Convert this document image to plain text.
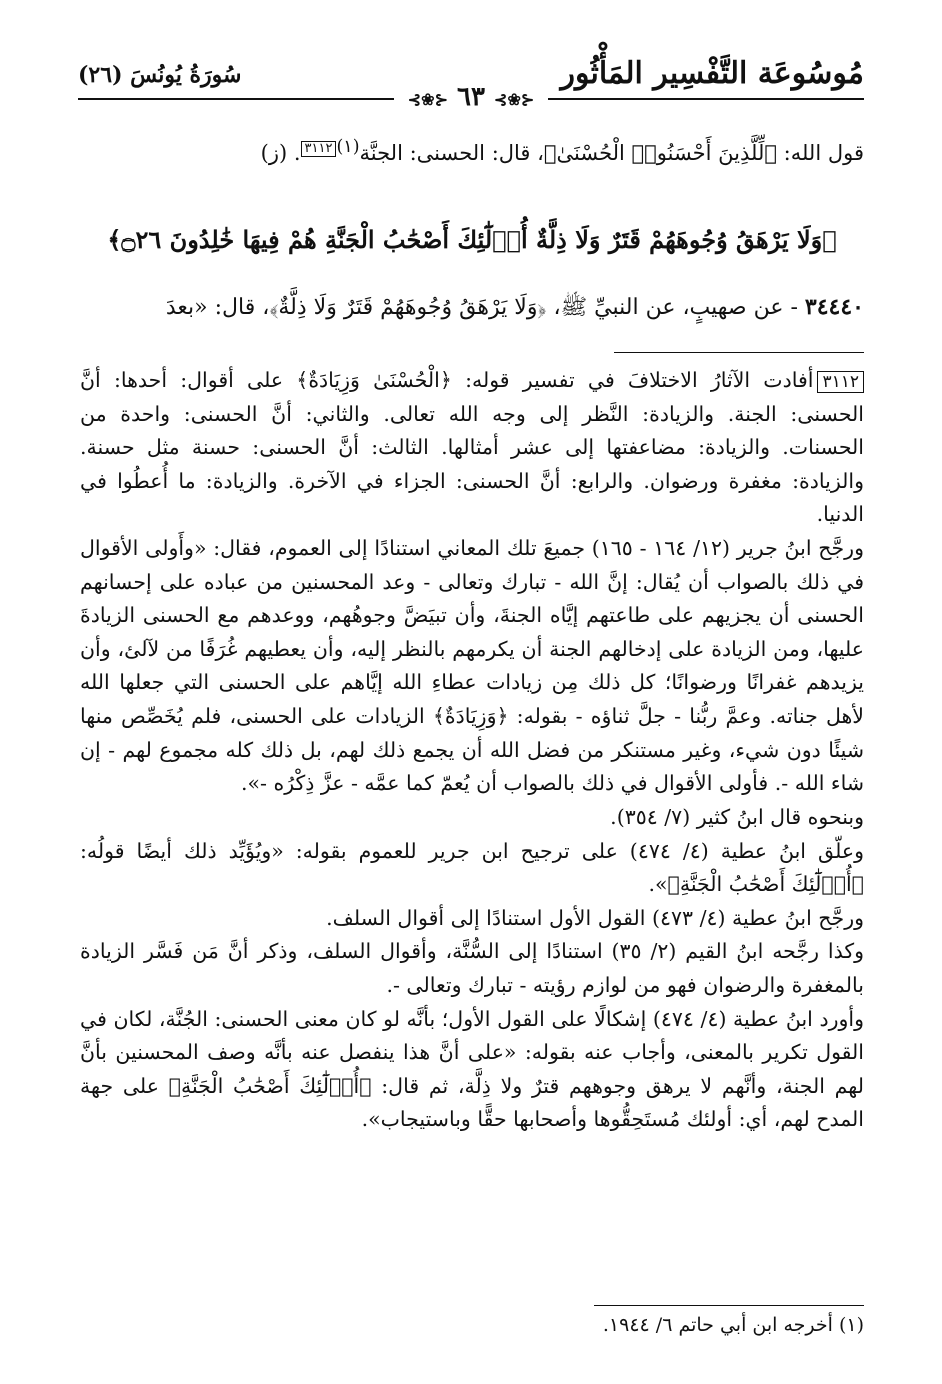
مُوسُوعَة التَّفْسِير المَأْثُور
سُورَةُ يُونُسَ (٢٦)
⊰❀⊱ ٦٣ ⊰❀⊱

قول الله: ﴿لِّلَّذِينَ أَحْسَنُوا۟ الْحُسْنَىٰ﴾، قال: الحسنى: الجنَّة$^{(١)}$٣١١٢. (ز)

﴿وَلَا يَرْهَقُ وُجُوهَهُمْ قَتَرٌ وَلَا ذِلَّةٌ أُو۟لَٰٓئِكَ أَصْحَٰبُ الْجَنَّةِ هُمْ فِيهَا خَٰلِدُونَ ۝٢٦﴾
٣٤٤٤٠ - عن صهيبٍ، عن النبيِّ ﷺ، ﴿وَلَا يَرْهَقُ وُجُوهَهُمْ قَتَرٌ وَلَا ذِلَّةٌ﴾، قال: «بعدَ

٣١١٢أفادت الآثارُ الاختلافَ في تفسير قوله: ﴿الْحُسْنَىٰ وَزِيَادَةٌ﴾ على أقوال: أحدها: أنَّ الحسنى: الجنة. والزيادة: النَّظر إلى وجه الله تعالى. والثاني: أنَّ الحسنى: واحدة من الحسنات. والزيادة: مضاعفتها إلى عشر أمثالها. الثالث: أنَّ الحسنى: حسنة مثل حسنة. والزيادة: مغفرة ورضوان. والرابع: أنَّ الحسنى: الجزاء في الآخرة. والزيادة: ما أُعطُوا في الدنيا.

ورجَّح ابنُ جرير (١٢/ ١٦٤ - ١٦٥) جميعَ تلك المعاني استنادًا إلى العموم، فقال: «وأَولى الأقوال في ذلك بالصواب أن يُقال: إنَّ الله - تبارك وتعالى - وعد المحسنين من عباده على إحسانهم الحسنى أن يجزيهم على طاعتهم إيَّاه الجنةَ، وأن تبيَضَّ وجوهُهم، ووعدهم مع الحسنى الزيادةَ عليها، ومن الزيادة على إدخالهم الجنة أن يكرمهم بالنظر إليه، وأن يعطيهم غُرَفًا من لآلئ، وأن يزيدهم غفرانًا ورضوانًا؛ كل ذلك مِن زيادات عطاءِ الله إيَّاهم على الحسنى التي جعلها الله لأهل جناته. وعمَّ ربُّنا - جلَّ ثناؤه - بقوله: ﴿وَزِيَادَةٌ﴾ الزيادات على الحسنى، فلم يُخَصِّص منها شيئًا دون شيء، وغير مستنكر من فضل الله أن يجمع ذلك لهم، بل ذلك كله مجموع لهم - إن شاء الله -. فأولى الأقوال في ذلك بالصواب أن يُعمّ كما عمَّه - عزَّ ذِكْرُه -».

وبنحوه قال ابنُ كثير (٧/ ٣٥٤).

وعلّق ابنُ عطية (٤/ ٤٧٤) على ترجيح ابن جرير للعموم بقوله: «ويُؤَيِّد ذلك أيضًا قولُه: ﴿أُو۟لَٰٓئِكَ أَصْحَٰبُ الْجَنَّةِ﴾».

ورجَّح ابنُ عطية (٤/ ٤٧٣) القول الأول استنادًا إلى أقوال السلف.

وكذا رجَّحه ابنُ القيم (٢/ ٣٥) استنادًا إلى السُّنَّة، وأقوال السلف، وذكر أنَّ مَن فَسَّر الزيادة بالمغفرة والرضوان فهو من لوازم رؤيته - تبارك وتعالى -.

وأورد ابنُ عطية (٤/ ٤٧٤) إشكالًا على القول الأول؛ بأنَّه لو كان معنى الحسنى: الجُنَّة، لكان في القول تكرير بالمعنى، وأجاب عنه بقوله: «على أنَّ هذا ينفصل عنه بأنَّه وصف المحسنين بأنَّ لهم الجنة، وأنَّهم لا يرهق وجوههم قترٌ ولا ذِلَّة، ثم قال: ﴿أُو۟لَٰٓئِكَ أَصْحَٰبُ الْجَنَّةِ﴾ على جهة المدح لهم، أي: أولئك مُستَحِقُّوها وأصحابها حقًّا وباستيجاب».

(١) أخرجه ابن أبي حاتم ٦/ ١٩٤٤.
